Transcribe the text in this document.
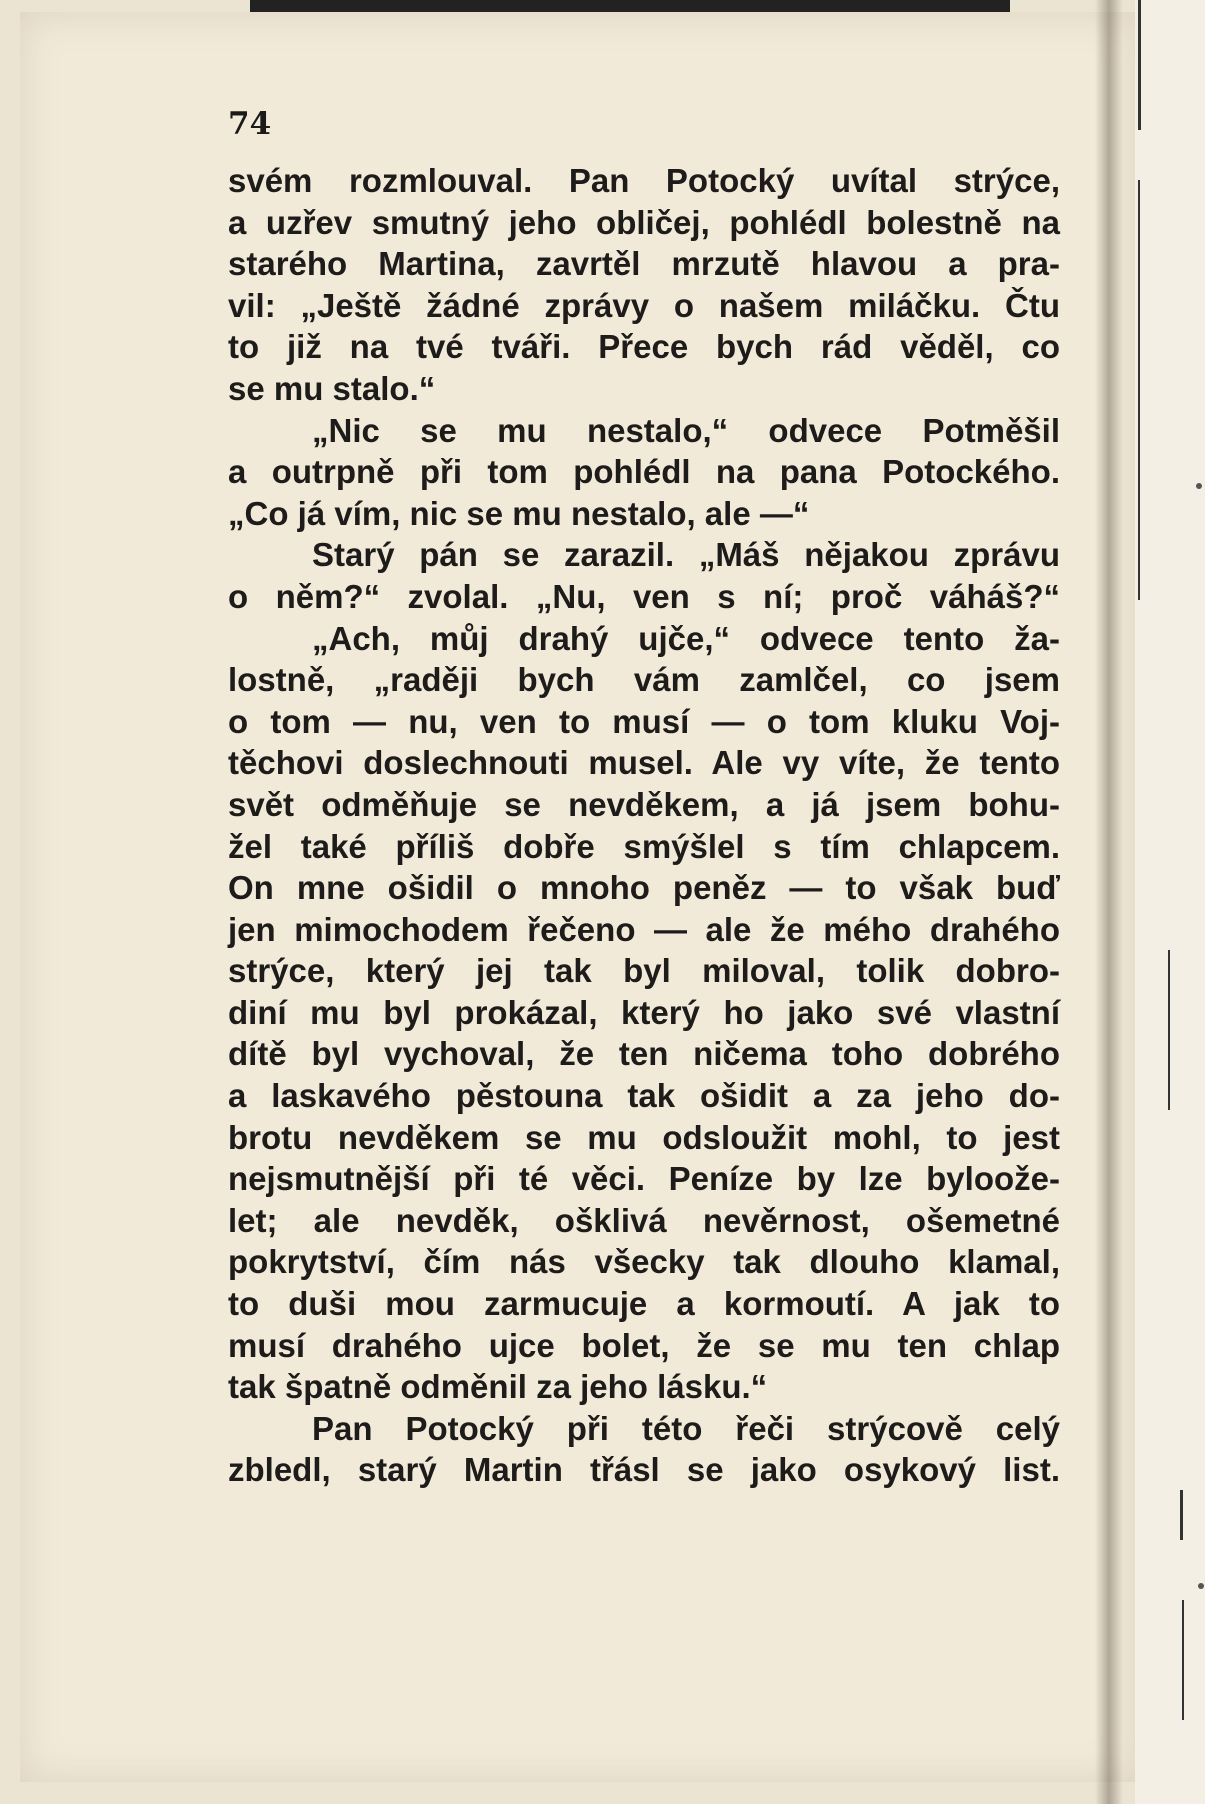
74
svém rozmlouval. Pan Potocký uvítal strýce,
a uzřev smutný jeho obličej, pohlédl bolestně na
starého Martina, zavrtěl mrzutě hlavou a pra-
vil: „Ještě žádné zprávy o našem miláčku. Čtu
to již na tvé tváři. Přece bych rád věděl, co
se mu stalo.“
„Nic se mu nestalo,“ odvece Potměšil
a outrpně při tom pohlédl na pana Potockého.
„Co já vím, nic se mu nestalo, ale —“
Starý pán se zarazil. „Máš nějakou zprávu
o něm?“ zvolal. „Nu, ven s ní; proč váháš?“
„Ach, můj drahý ujče,“ odvece tento ža-
lostně, „raději bych vám zamlčel, co jsem
o tom — nu, ven to musí — o tom kluku Voj-
těchovi doslechnouti musel. Ale vy víte, že tento
svět odměňuje se nevděkem, a já jsem bohu-
žel také příliš dobře smýšlel s tím chlapcem.
On mne ošidil o mnoho peněz — to však buď
jen mimochodem řečeno — ale že mého drahého
strýce, který jej tak byl miloval, tolik dobro-
diní mu byl prokázal, který ho jako své vlastní
dítě byl vychoval, že ten ničema toho dobrého
a laskavého pěstouna tak ošidit a za jeho do-
brotu nevděkem se mu odsloužit mohl, to jest
nejsmutnější při té věci. Peníze by lze byloože-
let; ale nevděk, ošklivá nevěrnost, ošemetné
pokrytství, čím nás všecky tak dlouho klamal,
to duši mou zarmucuje a kormoutí. A jak to
musí drahého ujce bolet, že se mu ten chlap
tak špatně odměnil za jeho lásku.“
Pan Potocký při této řeči strýcově celý
zbledl, starý Martin třásl se jako osykový list.
